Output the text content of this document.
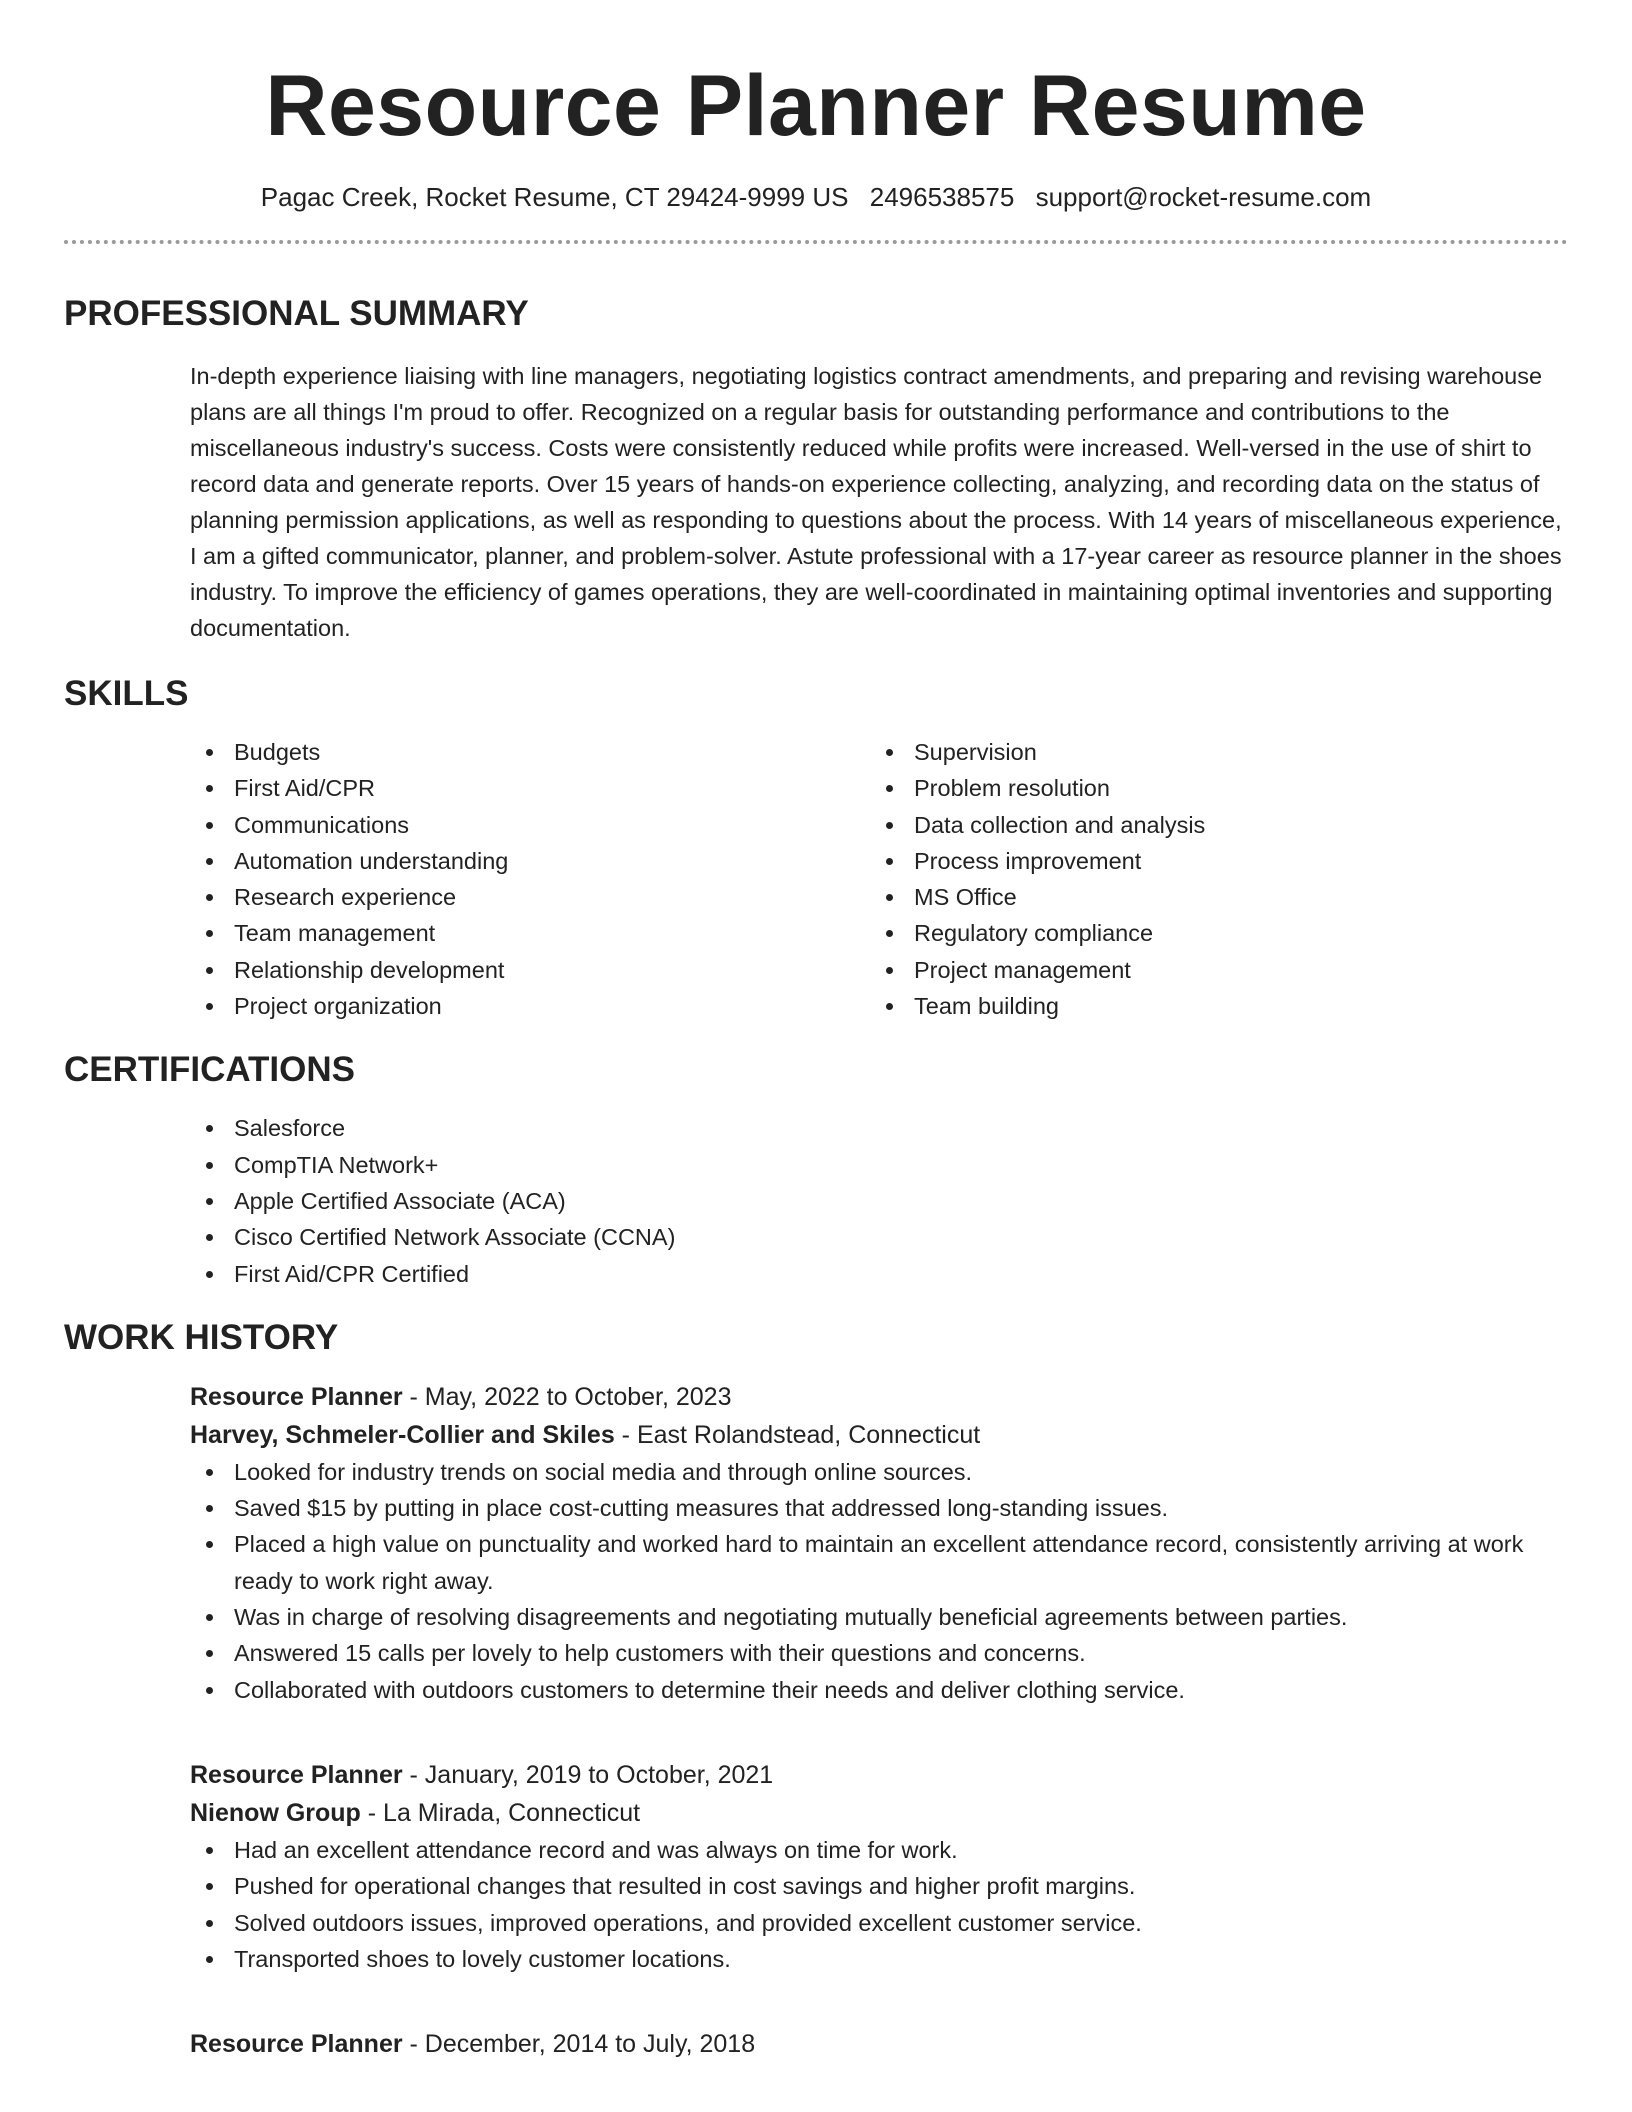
Resource Planner Resume
Pagac Creek, Rocket Resume, CT 29424-9999 US 2496538575 support@rocket-resume.com
PROFESSIONAL SUMMARY

In-depth experience liaising with line managers, negotiating logistics contract amendments, and preparing and revising warehouse plans are all things I'm proud to offer. Recognized on a regular basis for outstanding performance and contributions to the miscellaneous industry's success. Costs were consistently reduced while profits were increased. Well-versed in the use of shirt to record data and generate reports. Over 15 years of hands-on experience collecting, analyzing, and recording data on the status of planning permission applications, as well as responding to questions about the process. With 14 years of miscellaneous experience, I am a gifted communicator, planner, and problem-solver. Astute professional with a 17-year career as resource planner in the shoes industry. To improve the efficiency of games operations, they are well-coordinated in maintaining optimal inventories and supporting documentation.

SKILLS
Budgets
First Aid/CPR
Communications
Automation understanding
Research experience
Team management
Relationship development
Project organization
Supervision
Problem resolution
Data collection and analysis
Process improvement
MS Office
Regulatory compliance
Project management
Team building
CERTIFICATIONS
Salesforce
CompTIA Network+
Apple Certified Associate (ACA)
Cisco Certified Network Associate (CCNA)
First Aid/CPR Certified
WORK HISTORY
Resource Planner - May, 2022 to October, 2023
Harvey, Schmeler-Collier and Skiles - East Rolandstead, Connecticut
Looked for industry trends on social media and through online sources.
Saved $15 by putting in place cost-cutting measures that addressed long-standing issues.
Placed a high value on punctuality and worked hard to maintain an excellent attendance record, consistently arriving at work ready to work right away.
Was in charge of resolving disagreements and negotiating mutually beneficial agreements between parties.
Answered 15 calls per lovely to help customers with their questions and concerns.
Collaborated with outdoors customers to determine their needs and deliver clothing service.
Resource Planner - January, 2019 to October, 2021
Nienow Group - La Mirada, Connecticut
Had an excellent attendance record and was always on time for work.
Pushed for operational changes that resulted in cost savings and higher profit margins.
Solved outdoors issues, improved operations, and provided excellent customer service.
Transported shoes to lovely customer locations.
Resource Planner - December, 2014 to July, 2018
